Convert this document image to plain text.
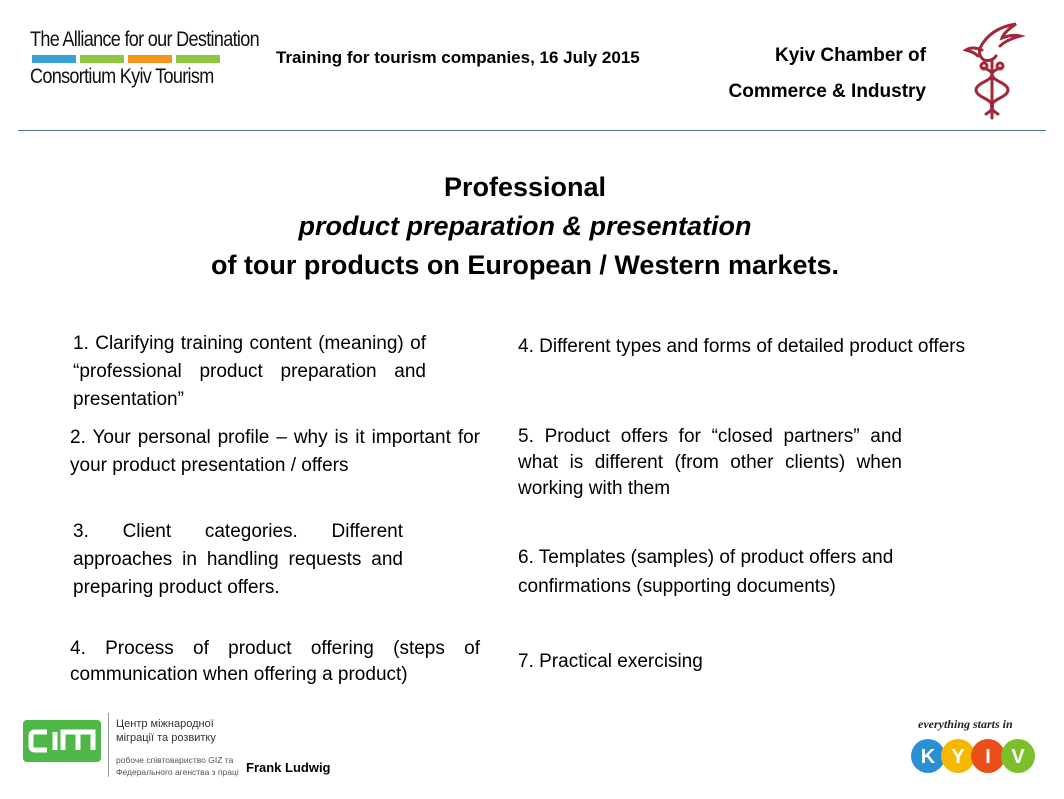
The Alliance for our Destination
Consortium Kyiv Tourism
Training for tourism companies, 16 July 2015	Kyiv Chamber of
Commerce & Industry
Professional
product preparation & presentation
of tour products on European / Western markets.
1. Clarifying training content (meaning) of “professional product preparation and presentation”
2. Your personal profile – why is it important for your product presentation / offers
3. Client categories. Different approaches in handling requests and preparing product offers.
4. Process of product offering (steps of communication when offering a product)
4. Different types and forms of detailed product offers
5. Product offers for “closed partners” and what is different (from other clients) when working with them
6. Templates (samples) of product offers and confirmations (supporting documents)
7. Practical exercising
Центр міжнародної міграції та розвитку
робоче співтовариство GIZ та Федерального агенства з праці Frank Ludwig
everything starts in
K Y I V
